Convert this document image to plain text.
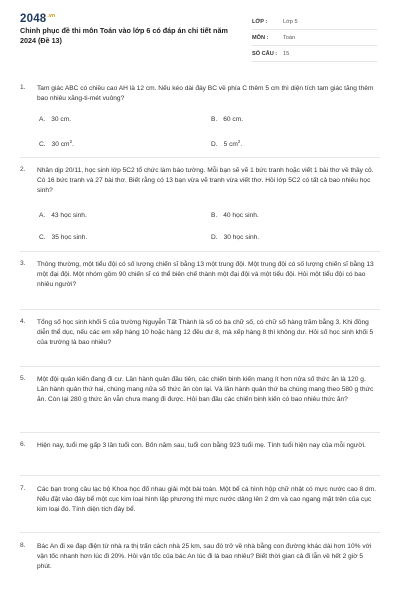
$2048^{.vn}$
Chinh phục đề thi môn Toán vào lớp 6 có đáp án chi tiết năm 2024 (Đề 13)
LỚP :	Lớp 5
MÔN :	Toán
SỐ CÂU :	15
1. Tam giác ABC có chiều cao AH là 12 cm. Nếu kéo dài đáy BC về phía C thêm 5 cm thì diện tích tam giác tăng thêm bao nhiêu xăng-ti-mét vuông?
A. 30 cm.	B. 60 cm.
C. 30 $cm^2$.	D. 5 $cm^2$.
2. Nhân dịp 20/11, học sinh lớp 5C2 tổ chức làm báo tường. Mỗi bạn sẽ vẽ 1 bức tranh hoặc viết 1 bài thơ về thầy cô. Có 16 bức tranh và 27 bài thơ. Biết rằng có 13 bạn vừa vẽ tranh vừa viết thơ. Hỏi lớp 5C2 có tất cả bao nhiêu học sinh?
A. 43 học sinh.	B. 40 học sinh.
C. 35 học sinh.	D. 30 học sinh.
3. Thông thường, một tiểu đội có số lượng chiến sĩ bằng 13 một trung đội. Một trung đội có số lượng chiến sĩ bằng 13 một đại đội. Một nhóm gồm 90 chiến sĩ có thể biên chế thành một đại đội và một tiểu đội. Hỏi một tiểu đội có bao nhiêu người?
4. Tổng số học sinh khối 5 của trường Nguyễn Tất Thành là số có ba chữ số, có chữ số hàng trăm bằng 3. Khi đồng diễn thể dục, nếu các em xếp hàng 10 hoặc hàng 12 đều dư 8, mà xếp hàng 8 thì không dư. Hỏi số học sinh khối 5 của trường là bao nhiêu?
5. Một đội quân kiến đang đi cư. Lần hành quân đầu tiên, các chiến binh kiến mang ít hơn nửa số thức ăn là 120 g. Lần hành quân thứ hai, chúng mang nửa số thức ăn còn lại. Và lần hành quân thứ ba chúng mang theo 580 g thức ăn. Còn lại 280 g thức ăn vẫn chưa mang đi được. Hỏi ban đầu các chiến binh kiến có bao nhiêu thức ăn?
6. Hiện nay, tuổi mẹ gấp 3 lần tuổi con. Bốn năm sau, tuổi con bằng 923 tuổi mẹ. Tính tuổi hiện nay của mỗi người.
7. Các bạn trong câu lạc bộ Khoa học đố nhau giải một bài toán. Một bể cá hình hộp chữ nhật có mực nước cao 8 dm. Nếu đặt vào đáy bể một cục kim loại hình lập phương thì mực nước dâng lên 2 dm và cao ngang mặt trên của cục kim loại đó. Tính diện tích đáy bể.
8. Bác An đi xe đạp điện từ nhà ra thị trấn cách nhà 25 km, sau đó trở về nhà bằng con đường khác dài hơn 10% với vận tốc nhanh hơn lúc đi 20%. Hỏi vận tốc của bác An lúc đi là bao nhiêu? Biết thời gian cả đi lẫn về hết 2 giờ 5 phút.
